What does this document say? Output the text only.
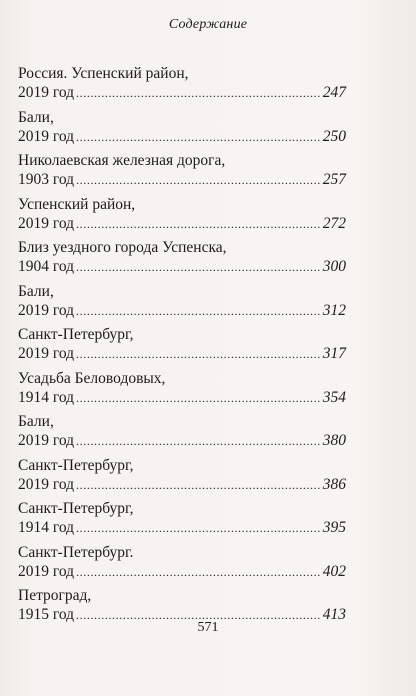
Содержание
Россия. Успенский район,
2019 год .....	247
Бали,
2019 год .....	250
Николаевская железная дорога,
1903 год .....	257
Успенский район,
2019 год .....	272
Близ уездного города Успенска,
1904 год .....	300
Бали,
2019 год .....	312
Санкт-Петербург,
2019 год .....	317
Усадьба Беловодовых,
1914 год .....	354
Бали,
2019 год .....	380
Санкт-Петербург,
2019 год .....	386
Санкт-Петербург,
1914 год .....	395
Санкт-Петербург.
2019 год .....	402
Петроград,
1915 год .....	413
571
